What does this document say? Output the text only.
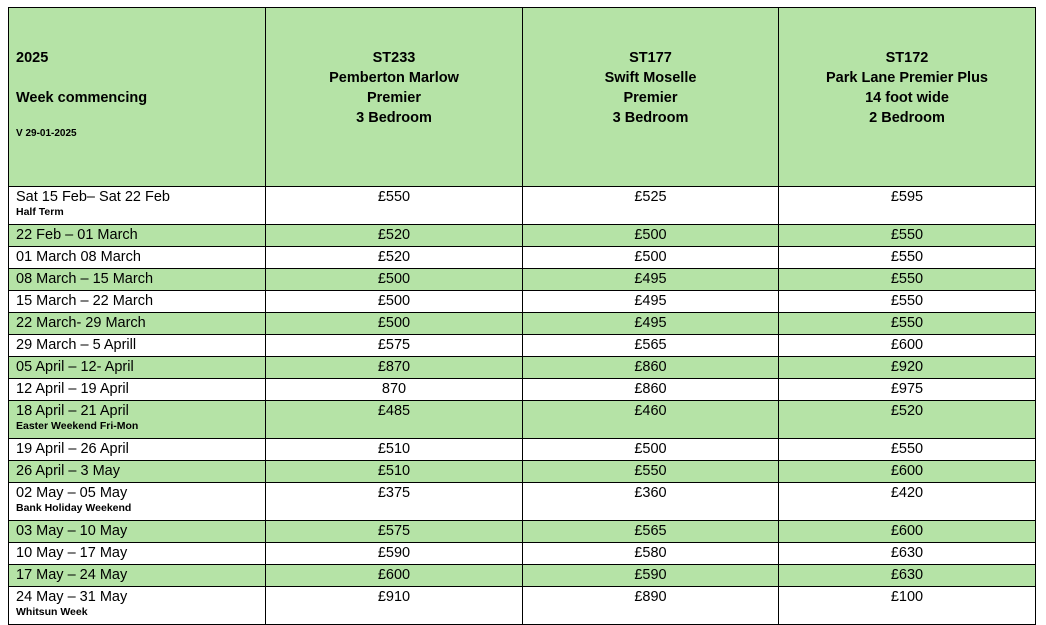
2025
Week commencing
V 29-01-2025	ST233
Pemberton Marlow
Premier
3 Bedroom	ST177
Swift Moselle
Premier
3 Bedroom	ST172
Park Lane Premier Plus
14 foot wide
2 Bedroom

Sat 15 Feb– Sat 22 Feb
Half Term	£550	£525	£595
22 Feb – 01 March	£520	£500	£550
01 March 08 March	£520	£500	£550
08 March – 15 March	£500	£495	£550
15 March – 22 March	£500	£495	£550
22 March- 29 March	£500	£495	£550
29 March – 5 Aprill	£575	£565	£600
05 April – 12- April	£870	£860	£920
12 April – 19 April	870	£860	£975
18 April – 21 April
Easter Weekend Fri-Mon	£485	£460	£520
19 April – 26 April	£510	£500	£550
26 April – 3 May	£510	£550	£600
02 May – 05 May
Bank Holiday Weekend	£375	£360	£420
03 May – 10 May	£575	£565	£600
10 May – 17 May	£590	£580	£630
17 May – 24 May	£600	£590	£630
24 May – 31 May
Whitsun Week	£910	£890	£100
